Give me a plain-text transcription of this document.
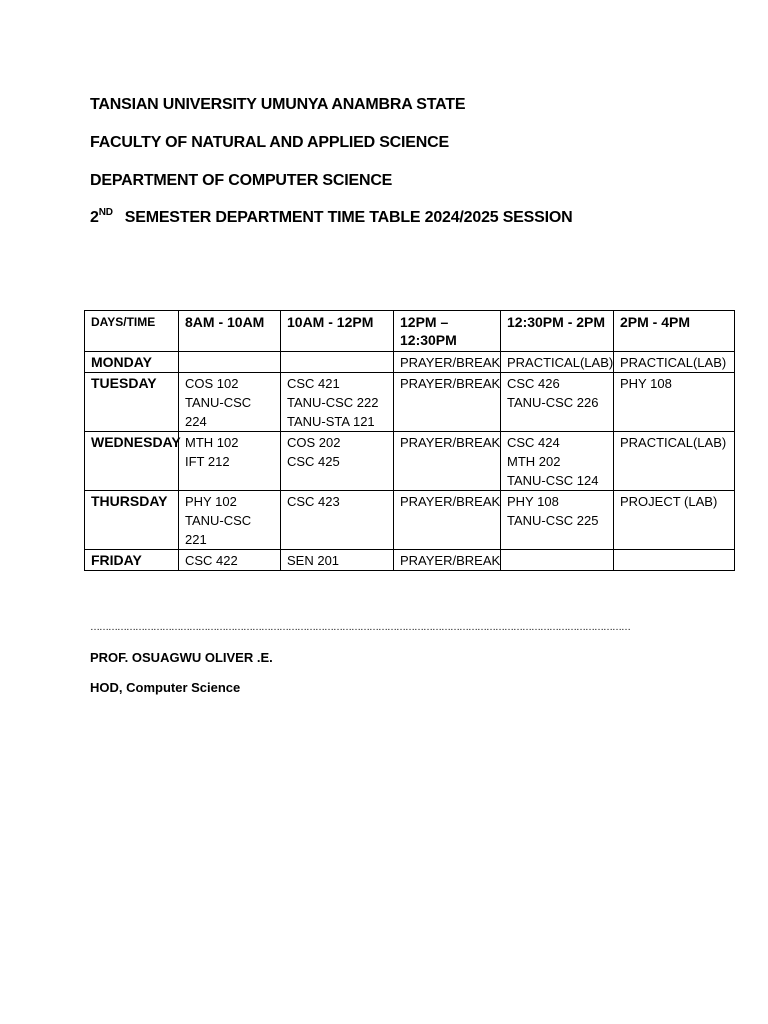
TANSIAN UNIVERSITY UMUNYA ANAMBRA STATE
FACULTY OF NATURAL AND APPLIED SCIENCE
DEPARTMENT OF COMPUTER SCIENCE
2ND SEMESTER DEPARTMENT TIME TABLE 2024/2025 SESSION
DAYS/TIME	8AM - 10AM	10AM - 12PM	12PM – 12:30PM	12:30PM - 2PM	2PM - 4PM
MONDAY			PRAYER/BREAK	PRACTICAL(LAB)	PRACTICAL(LAB)

TUESDAY	COS 102
TANU-CSC
224	CSC 421
TANU-CSC 222
TANU-STA 121	PRAYER/BREAK	CSC 426
TANU-CSC 226	PHY 108

WEDNESDAY	MTH 102
IFT 212	COS 202
CSC 425	PRAYER/BREAK	CSC 424
MTH 202
TANU-CSC 124	PRACTICAL(LAB)

THURSDAY	PHY 102
TANU-CSC
221	CSC 423	PRAYER/BREAK	PHY 108
TANU-CSC 225	PROJECT (LAB)

FRIDAY	CSC 422	SEN 201	PRAYER/BREAK		

………………………………………………………………………………………………………………………………………………………………
PROF. OSUAGWU OLIVER .E.
HOD, Computer Science
